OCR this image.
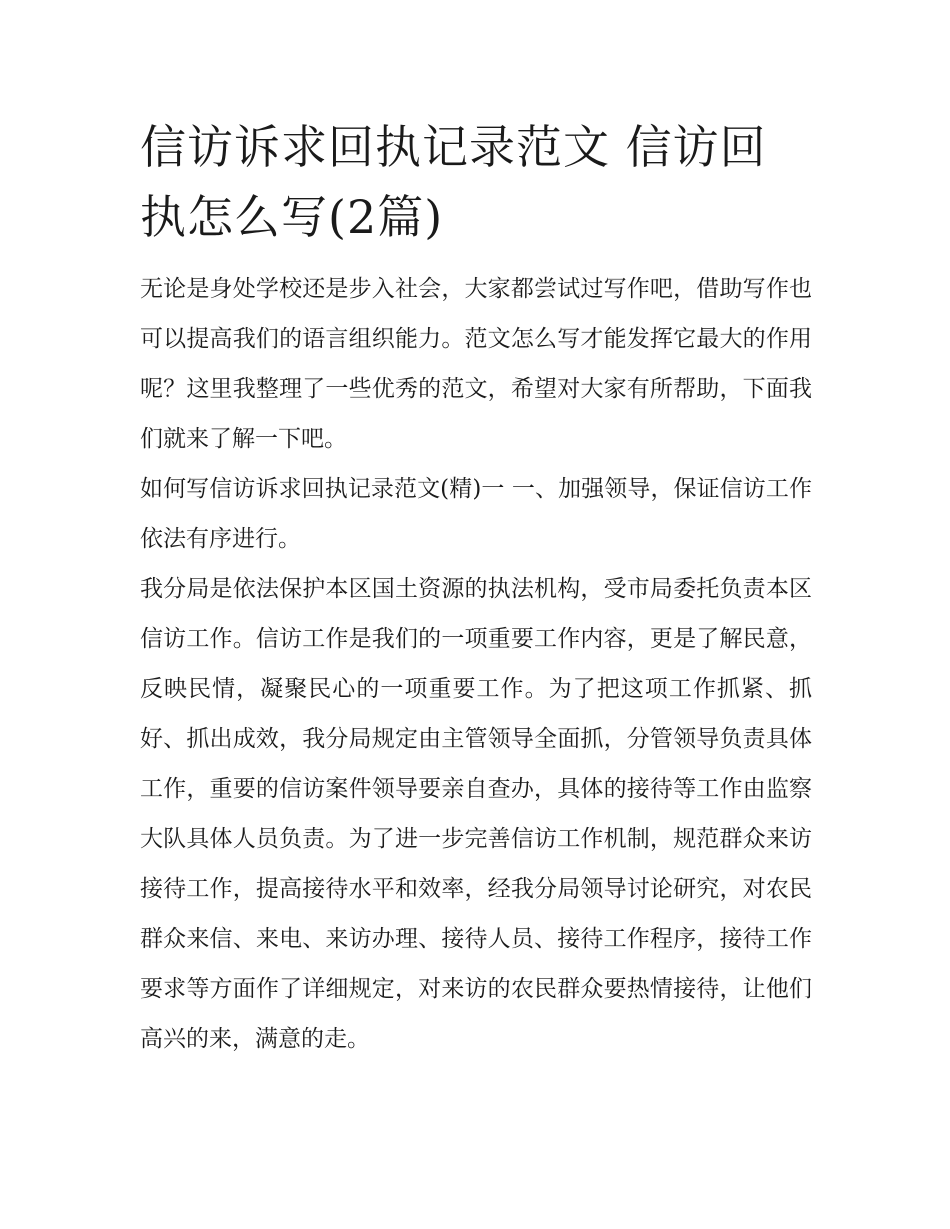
信访诉求回执记录范文 信访回执怎么写(2篇)

无论是身处学校还是步入社会，大家都尝试过写作吧，借助写作也可以提高我们的语言组织能力。范文怎么写才能发挥它最大的作用呢？这里我整理了一些优秀的范文，希望对大家有所帮助，下面我们就来了解一下吧。

如何写信访诉求回执记录范文(精)一 一、加强领导，保证信访工作依法有序进行。

我分局是依法保护本区国土资源的执法机构，受市局委托负责本区信访工作。信访工作是我们的一项重要工作内容，更是了解民意，反映民情，凝聚民心的一项重要工作。为了把这项工作抓紧、抓好、抓出成效，我分局规定由主管领导全面抓，分管领导负责具体工作，重要的信访案件领导要亲自查办，具体的接待等工作由监察大队具体人员负责。为了进一步完善信访工作机制，规范群众来访接待工作，提高接待水平和效率，经我分局领导讨论研究，对农民群众来信、来电、来访办理、接待人员、接待工作程序，接待工作要求等方面作了详细规定，对来访的农民群众要热情接待，让他们高兴的来，满意的走。
